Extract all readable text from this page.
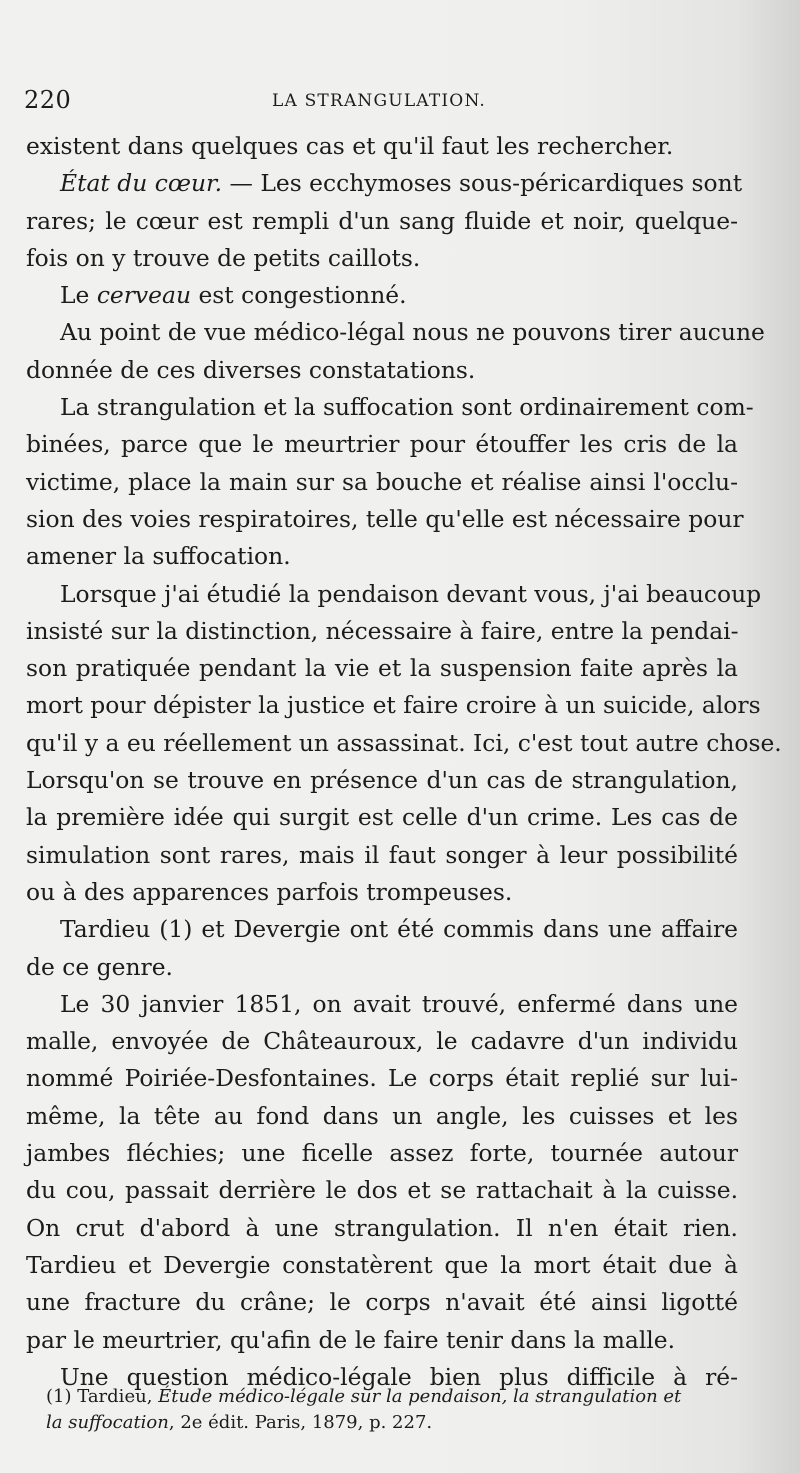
220	LA STRANGULATION.
existent dans quelques cas et qu'il faut les rechercher.
État du cœur. — Les ecchymoses sous-péricardiques sont
rares; le cœur est rempli d'un sang fluide et noir, quelque-
fois on y trouve de petits caillots.
Le cerveau est congestionné.
Au point de vue médico-légal nous ne pouvons tirer aucune
donnée de ces diverses constatations.
La strangulation et la suffocation sont ordinairement com-
binées, parce que le meurtrier pour étouffer les cris de la
victime, place la main sur sa bouche et réalise ainsi l'occlu-
sion des voies respiratoires, telle qu'elle est nécessaire pour
amener la suffocation.
Lorsque j'ai étudié la pendaison devant vous, j'ai beaucoup
insisté sur la distinction, nécessaire à faire, entre la pendai-
son pratiquée pendant la vie et la suspension faite après la
mort pour dépister la justice et faire croire à un suicide, alors
qu'il y a eu réellement un assassinat. Ici, c'est tout autre chose.
Lorsqu'on se trouve en présence d'un cas de strangulation,
la première idée qui surgit est celle d'un crime. Les cas de
simulation sont rares, mais il faut songer à leur possibilité
ou à des apparences parfois trompeuses.
Tardieu (1) et Devergie ont été commis dans une affaire
de ce genre.
Le 30 janvier 1851, on avait trouvé, enfermé dans une
malle, envoyée de Châteauroux, le cadavre d'un individu
nommé Poiriée-Desfontaines. Le corps était replié sur lui-
même, la tête au fond dans un angle, les cuisses et les
jambes fléchies; une ficelle assez forte, tournée autour
du cou, passait derrière le dos et se rattachait à la cuisse.
On crut d'abord à une strangulation. Il n'en était rien.
Tardieu et Devergie constatèrent que la mort était due à
une fracture du crâne; le corps n'avait été ainsi ligotté
par le meurtrier, qu'afin de le faire tenir dans la malle.
Une question médico-légale bien plus difficile à ré-
(1) Tardieu, Étude médico-légale sur la pendaison, la strangulation et
la suffocation, 2e édit. Paris, 1879, p. 227.
